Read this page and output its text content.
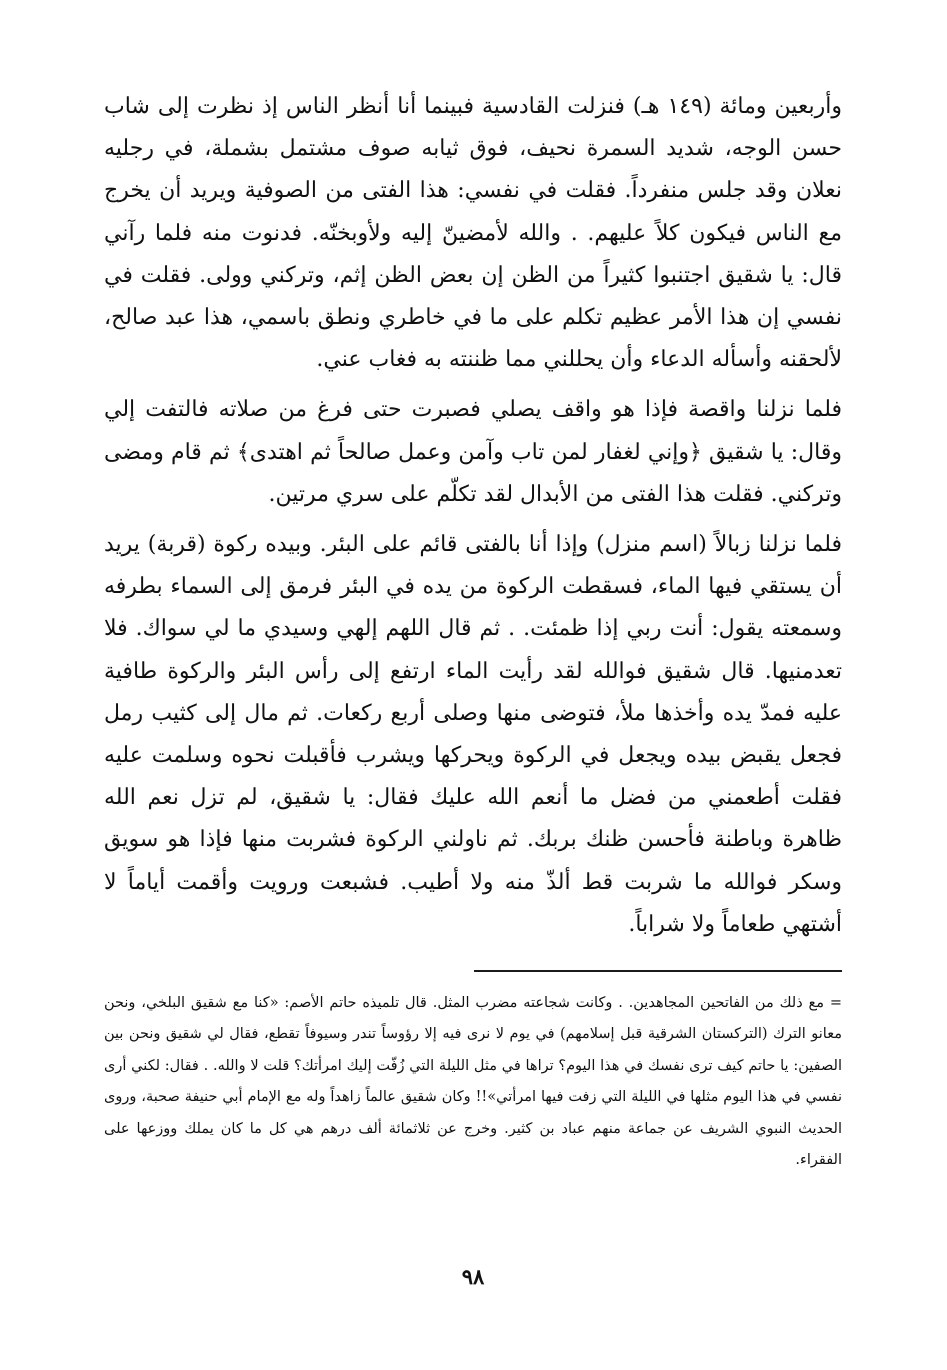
وأربعين ومائة (١٤٩ هـ) فنزلت القادسية فبينما أنا أنظر الناس إذ نظرت إلى شاب حسن الوجه، شديد السمرة نحيف، فوق ثيابه صوف مشتمل بشملة، في رجليه نعلان وقد جلس منفرداً. فقلت في نفسي: هذا الفتى من الصوفية ويريد أن يخرج مع الناس فيكون كلاً عليهم. . والله لأمضينّ إليه ولأوبخنّه. فدنوت منه فلما رآني قال: يا شقيق اجتنبوا كثيراً من الظن إن بعض الظن إثم، وتركني وولى. فقلت في نفسي إن هذا الأمر عظيم تكلم على ما في خاطري ونطق باسمي، هذا عبد صالح، لألحقنه وأسأله الدعاء وأن يحللني مما ظننته به فغاب عني.

فلما نزلنا واقصة فإذا هو واقف يصلي فصبرت حتى فرغ من صلاته فالتفت إلي وقال: يا شقيق ﴿وإني لغفار لمن تاب وآمن وعمل صالحاً ثم اهتدى﴾ ثم قام ومضى وتركني. فقلت هذا الفتى من الأبدال لقد تكلّم على سري مرتين.

فلما نزلنا زبالاً (اسم منزل) وإذا أنا بالفتى قائم على البئر. وبيده ركوة (قربة) يريد أن يستقي فيها الماء، فسقطت الركوة من يده في البئر فرمق إلى السماء بطرفه وسمعته يقول: أنت ربي إذا ظمئت. . ثم قال اللهم إلهي وسيدي ما لي سواك. فلا تعدمنيها. قال شقيق فوالله لقد رأيت الماء ارتفع إلى رأس البئر والركوة طافية عليه فمدّ يده وأخذها ملأ، فتوضى منها وصلى أربع ركعات. ثم مال إلى كثيب رمل فجعل يقبض بيده ويجعل في الركوة ويحركها ويشرب فأقبلت نحوه وسلمت عليه فقلت أطعمني من فضل ما أنعم الله عليك فقال: يا شقيق، لم تزل نعم الله ظاهرة وباطنة فأحسن ظنك بربك. ثم ناولني الركوة فشربت منها فإذا هو سويق وسكر فوالله ما شربت قط ألذّ منه ولا أطيب. فشبعت ورويت وأقمت أياماً لا أشتهي طعاماً ولا شراباً.

= مع ذلك من الفاتحين المجاهدين. . وكانت شجاعته مضرب المثل. قال تلميذه حاتم الأصم: «كنا مع شقيق البلخي، ونحن معانو الترك (التركستان الشرقية قبل إسلامهم) في يوم لا نرى فيه إلا رؤوساً تندر وسيوفاً تقطع، فقال لي شقيق ونحن بين الصفين: يا حاتم كيف ترى نفسك في هذا اليوم؟ تراها في مثل الليلة التي زُفّت إليك امرأتك؟ قلت لا والله. . فقال: لكني أرى نفسي في هذا اليوم مثلها في الليلة التي زفت فيها امرأتي»!! وكان شقيق عالماً زاهداً وله مع الإمام أبي حنيفة صحبة، وروى الحديث النبوي الشريف عن جماعة منهم عباد بن كثير. وخرج عن ثلاثمائة ألف درهم هي كل ما كان يملك ووزعها على الفقراء.

٩٨
